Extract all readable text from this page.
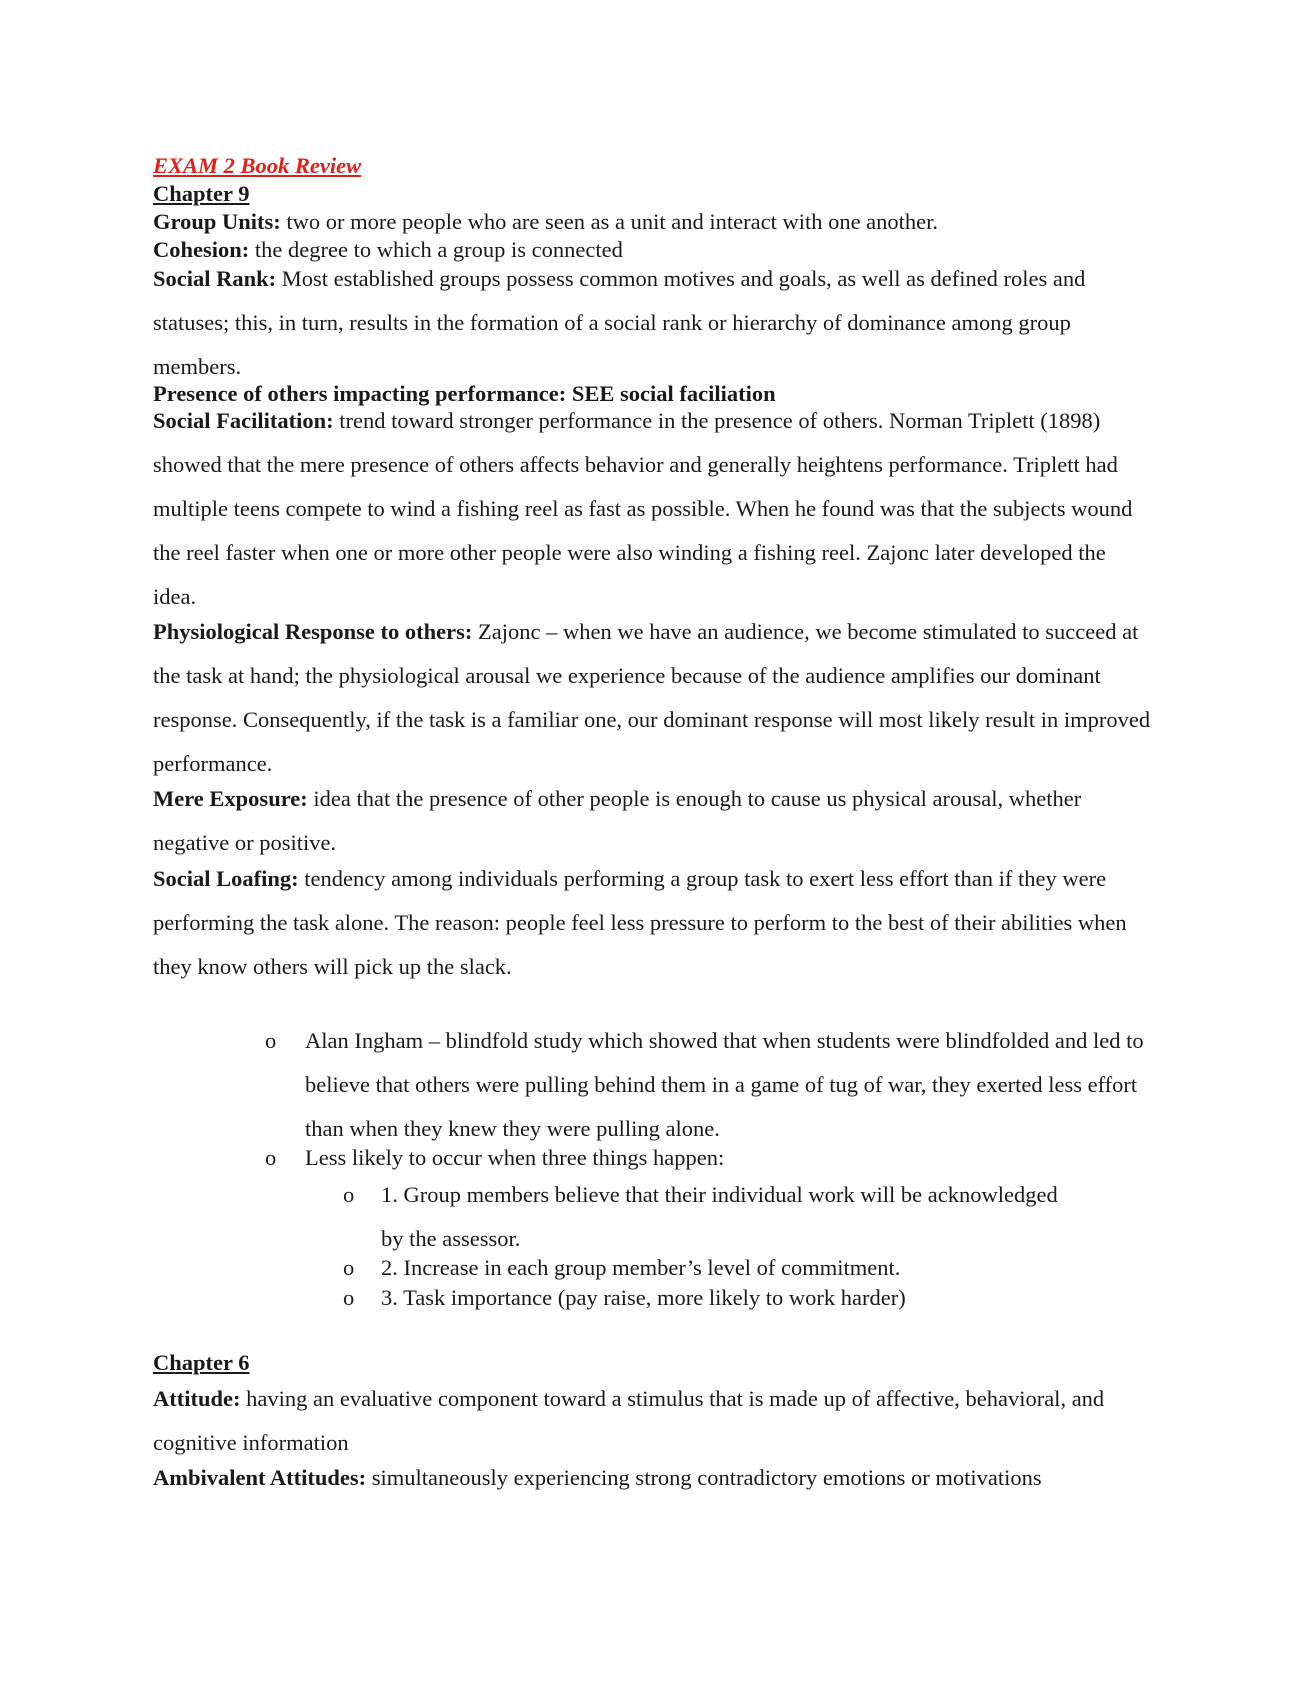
EXAM 2 Book Review
Chapter 9
Group Units: two or more people who are seen as a unit and interact with one another.
Cohesion: the degree to which a group is connected
Social Rank: Most established groups possess common motives and goals, as well as defined roles and statuses; this, in turn, results in the formation of a social rank or hierarchy of dominance among group members.
Presence of others impacting performance: SEE social faciliation
Social Facilitation: trend toward stronger performance in the presence of others. Norman Triplett (1898) showed that the mere presence of others affects behavior and generally heightens performance. Triplett had multiple teens compete to wind a fishing reel as fast as possible. When he found was that the subjects wound the reel faster when one or more other people were also winding a fishing reel. Zajonc later developed the idea.
Physiological Response to others: Zajonc – when we have an audience, we become stimulated to succeed at the task at hand; the physiological arousal we experience because of the audience amplifies our dominant response. Consequently, if the task is a familiar one, our dominant response will most likely result in improved performance.
Mere Exposure: idea that the presence of other people is enough to cause us physical arousal, whether negative or positive.
Social Loafing: tendency among individuals performing a group task to exert less effort than if they were performing the task alone. The reason: people feel less pressure to perform to the best of their abilities when they know others will pick up the slack.
o Alan Ingham – blindfold study which showed that when students were blindfolded and led to believe that others were pulling behind them in a game of tug of war, they exerted less effort than when they knew they were pulling alone.
o Less likely to occur when three things happen:
o 1. Group members believe that their individual work will be acknowledged by the assessor.
o 2. Increase in each group member’s level of commitment.
o 3. Task importance (pay raise, more likely to work harder)
Chapter 6
Attitude: having an evaluative component toward a stimulus that is made up of affective, behavioral, and cognitive information
Ambivalent Attitudes: simultaneously experiencing strong contradictory emotions or motivations
